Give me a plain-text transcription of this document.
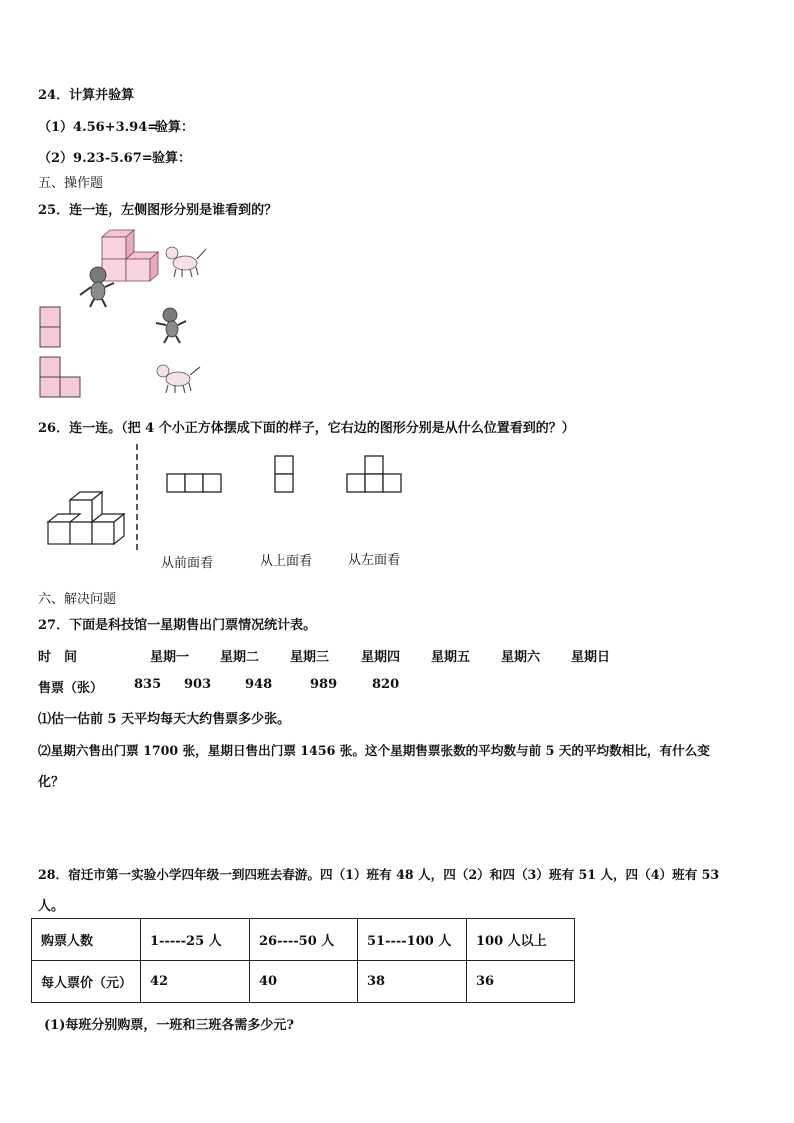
24．计算并验算
（1）4.56+3.94=
验算：
（2）9.23-5.67= 验算：
五、操作题
25．连一连，左侧图形分别是谁看到的？
26．连一连。（把 4 个小正方体摆成下面的样子，它右边的图形分别是从什么位置看到的？）
从前面看	从上面看	从左面看
六、解决问题
27．下面是科技馆一星期售出门票情况统计表。
时　间	星期一 星期二 星期三 星期四 星期五 星期六 星期日
售票（张） 835 903	948	989	820
⑴估一估前 5 天平均每天大约售票多少张。
⑵星期六售出门票 1700 张，星期日售出门票 1456 张。这个星期售票张数的平均数与前 5 天的平均数相比，有什么变
化？
28．宿迁市第一实验小学四年级一到四班去春游。四（1）班有 48 人，四（2）和四（3）班有 51 人，四（4）班有 53
人。
购票人数	1-----25 人	26----50 人	51----100 人	100 人以上
每人票价（元）	42	40	38	36
(1)每班分别购票，一班和三班各需多少元?
